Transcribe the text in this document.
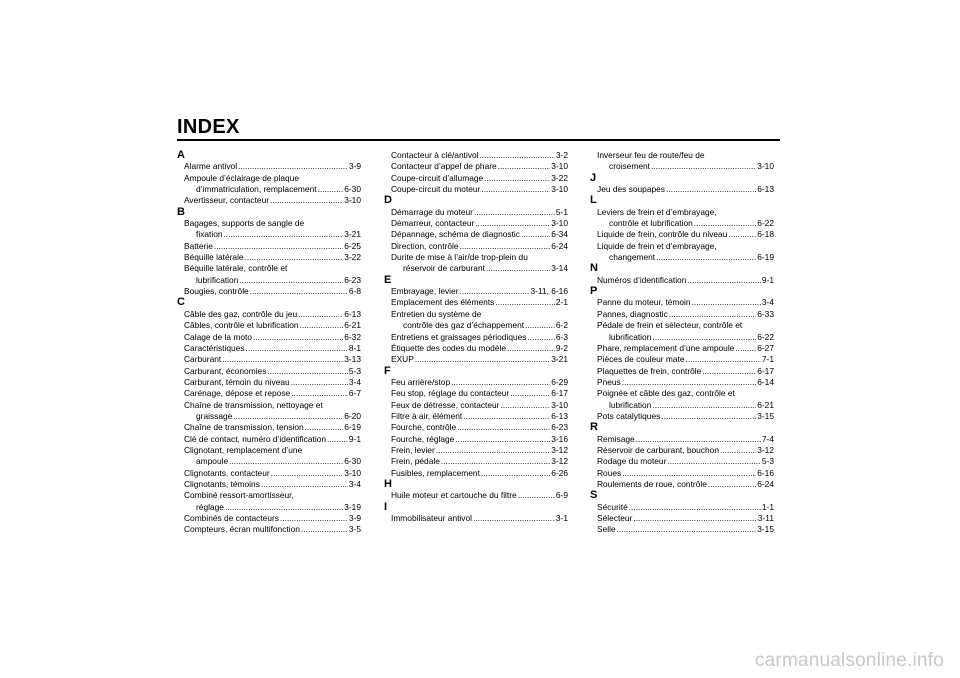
INDEX
A
Alarme antivol .....	3-9
Ampoule d’éclairage de plaque
d’immatriculation, remplacement .....	6-30
Avertisseur, contacteur .....	3-10
B
Bagages, supports de sangle de
fixation .....	3-21
Batterie .....	6-25
Béquille latérale .....	3-22
Béquille latérale, contrôle et
lubrification .....	6-23
Bougies, contrôle .....	6-8
C
Câble des gaz, contrôle du jeu .....	6-13
Câbles, contrôle et lubrification .....	6-21
Calage de la moto .....	6-32
Caractéristiques .....	8-1
Carburant .....	3-13
Carburant, économies .....	5-3
Carburant, témoin du niveau .....	3-4
Carénage, dépose et repose .....	6-7
Chaîne de transmission, nettoyage et
graissage .....	6-20
Chaîne de transmission, tension .....	6-19
Clé de contact, numéro d’identification .....	9-1
Clignotant, remplacement d’une
ampoule .....	6-30
Clignotants, contacteur .....	3-10
Clignotants, témoins .....	3-4
Combiné ressort-amortisseur,
réglage .....	3-19
Combinés de contacteurs .....	3-9
Compteurs, écran multifonction .....	3-5
Contacteur à clé/antivol .....	3-2
Contacteur d’appel de phare .....	3-10
Coupe-circuit d’allumage .....	3-22
Coupe-circuit du moteur .....	3-10
D
Démarrage du moteur .....	5-1
Démarreur, contacteur .....	3-10
Dépannage, schéma de diagnostic .....	6-34
Direction, contrôle .....	6-24
Durite de mise à l’air/de trop-plein du
réservoir de carburant .....	3-14
E
Embrayage, levier .....	3-11, 6-16
Emplacement des éléments .....	2-1
Entretien du système de
contrôle des gaz d’échappement .....	6-2
Entretiens et graissages périodiques .....	6-3
Étiquette des codes du modèle .....	9-2
EXUP .....	3-21
F
Feu arrière/stop .....	6-29
Feu stop, réglage du contacteur .....	6-17
Feux de détresse, contacteur .....	3-10
Filtre à air, élément .....	6-13
Fourche, contrôle .....	6-23
Fourche, réglage .....	3-16
Frein, levier .....	3-12
Frein, pédale .....	3-12
Fusibles, remplacement .....	6-26
H
Huile moteur et cartouche du filtre .....	6-9
I
Immobilisateur antivol .....	3-1
Inverseur feu de route/feu de
croisement .....	3-10
J
Jeu des soupapes .....	6-13
L
Leviers de frein et d’embrayage,
contrôle et lubrification .....	6-22
Liquide de frein, contrôle du niveau .....	6-18
Liquide de frein et d’embrayage,
changement .....	6-19
N
Numéros d’identification .....	9-1
P
Panne du moteur, témoin .....	3-4
Pannes, diagnostic .....	6-33
Pédale de frein et sélecteur, contrôle et
lubrification .....	6-22
Phare, remplacement d’une ampoule .....	6-27
Pièces de couleur mate .....	7-1
Plaquettes de frein, contrôle .....	6-17
Pneus .....	6-14
Poignée et câble des gaz, contrôle et
lubrification .....	6-21
Pots catalytiques .....	3-15
R
Remisage .....	7-4
Réservoir de carburant, bouchon .....	3-12
Rodage du moteur .....	5-3
Roues .....	6-16
Roulements de roue, contrôle .....	6-24
S
Sécurité .....	1-1
Sélecteur .....	3-11
Selle .....	3-15
carmanualsonline.info
